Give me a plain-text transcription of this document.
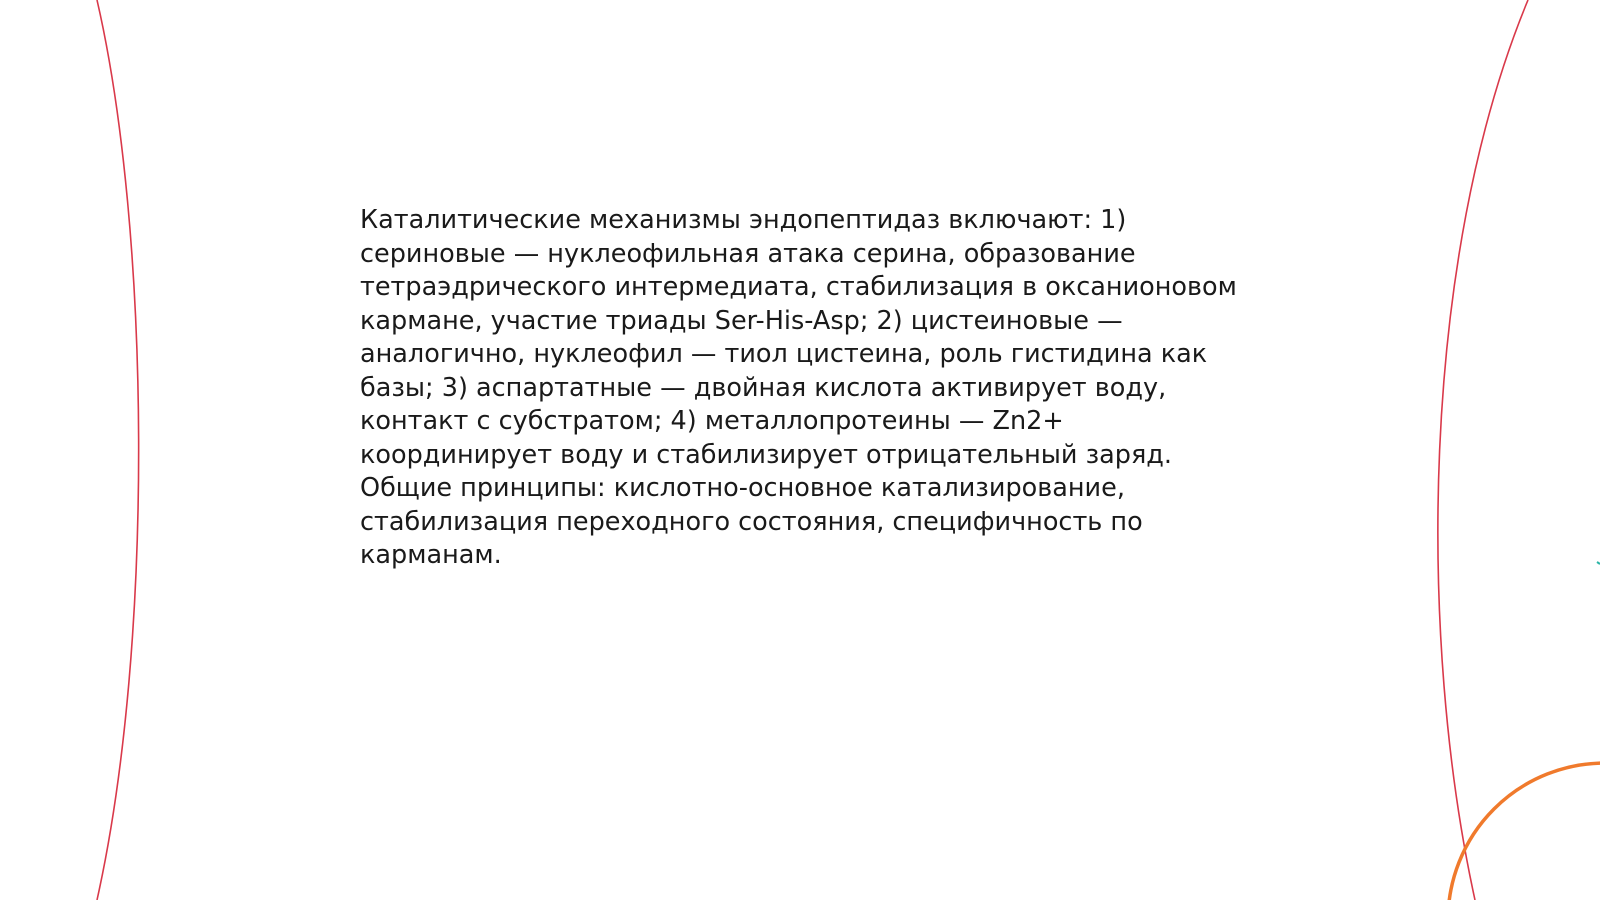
Каталитические механизмы эндопептидаз включают: 1) сериновые — нуклеофильная атака серина, образование тетраэдрического интермедиата, стабилизация в оксанионовом кармане, участие триады Ser-His-Asp; 2) цистеиновые — аналогично, нуклеофил — тиол цистеина, роль гистидина как базы; 3) аспартатные — двойная кислота активирует воду, контакт с субстратом; 4) металлопротеины — Zn2+ координирует воду и стабилизирует отрицательный заряд. Общие принципы: кислотно-основное катализирование, стабилизация переходного состояния, специфичность по карманам.
